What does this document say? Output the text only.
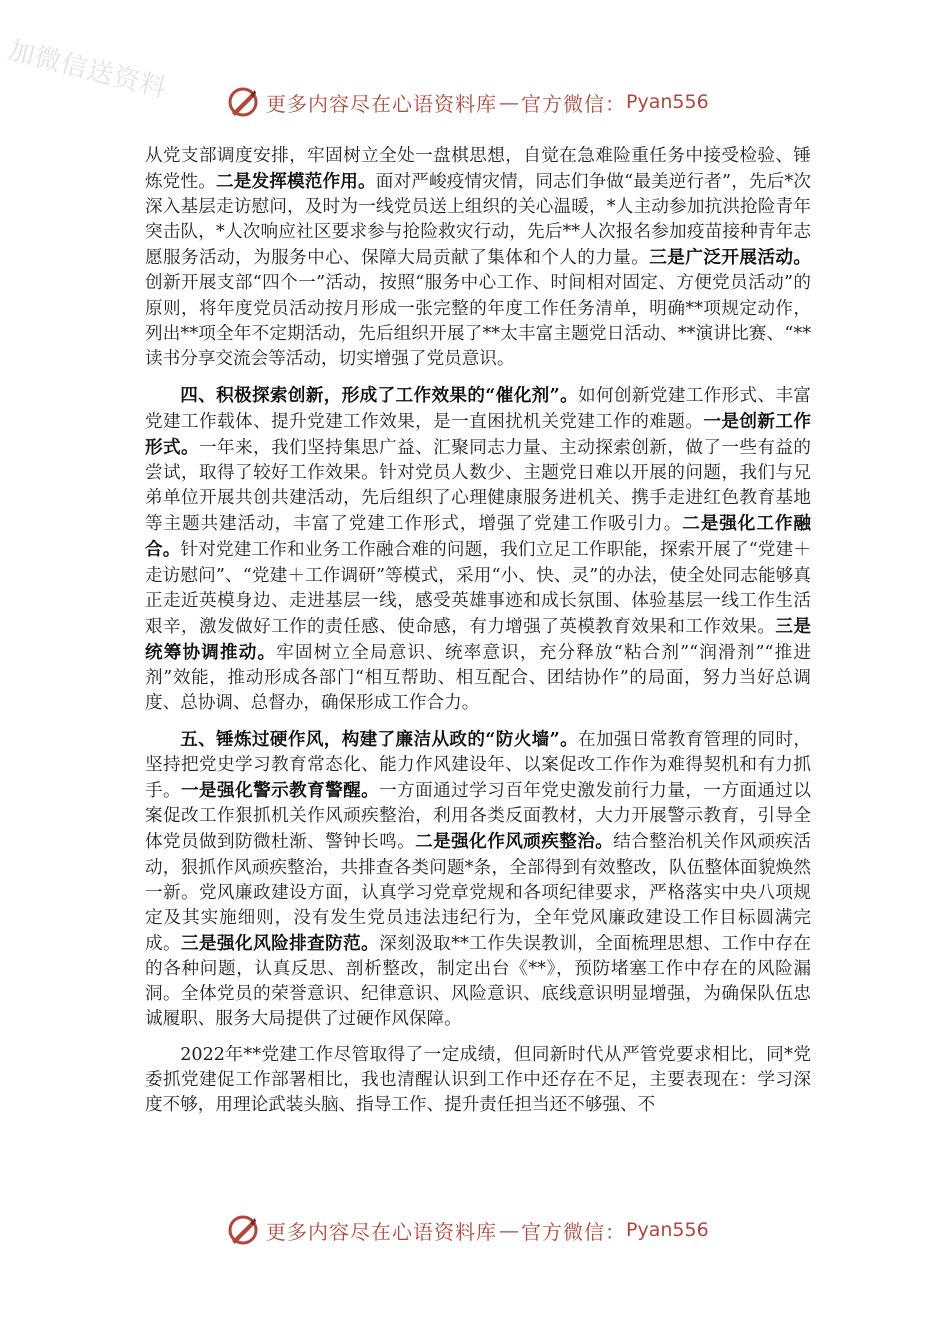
加微信送资料	更多内容尽在心语资料库 — 官方微信： Pyan556

从党支部调度安排，牢固树立全处一盘棋思想，自觉在急难险重任务中接受检验、锤炼党性。二是发挥模范作用。面对严峻疫情灾情，同志们争做“最美逆行者”，先后*次深入基层走访慰问，及时为一线党员送上组织的关心温暖，*人主动参加抗洪抢险青年突击队，*人次响应社区要求参与抢险救灾行动，先后**人次报名参加疫苗接种青年志愿服务活动，为服务中心、保障大局贡献了集体和个人的力量。三是广泛开展活动。创新开展支部“四个一”活动，按照“服务中心工作、时间相对固定、方便党员活动”的原则，将年度党员活动按月形成一张完整的年度工作任务清单，明确**项规定动作，列出**项全年不定期活动，先后组织开展了**太丰富主题党日活动、**演讲比赛、“**读书分享交流会等活动，切实增强了党员意识。

四、积极探索创新，形成了工作效果的“催化剂”。如何创新党建工作形式、丰富党建工作载体、提升党建工作效果，是一直困扰机关党建工作的难题。一是创新工作形式。一年来，我们坚持集思广益、汇聚同志力量、主动探索创新，做了一些有益的尝试，取得了较好工作效果。针对党员人数少、主题党日难以开展的问题，我们与兄弟单位开展共创共建活动，先后组织了心理健康服务进机关、携手走进红色教育基地等主题共建活动，丰富了党建工作形式，增强了党建工作吸引力。二是强化工作融合。针对党建工作和业务工作融合难的问题，我们立足工作职能，探索开展了“党建＋走访慰问”、“党建＋工作调研”等模式，采用“小、快、灵”的办法，使全处同志能够真正走近英模身边、走进基层一线，感受英雄事迹和成长氛围、体验基层一线工作生活艰辛，激发做好工作的责任感、使命感，有力增强了英模教育效果和工作效果。三是统筹协调推动。牢固树立全局意识、统率意识，充分释放“粘合剂”“润滑剂”“推进剂”效能，推动形成各部门“相互帮助、相互配合、团结协作”的局面，努力当好总调度、总协调、总督办，确保形成工作合力。

五、锤炼过硬作风，构建了廉洁从政的“防火墙”。在加强日常教育管理的同时，坚持把党史学习教育常态化、能力作风建设年、以案促改工作作为难得契机和有力抓手。一是强化警示教育警醒。一方面通过学习百年党史激发前行力量，一方面通过以案促改工作狠抓机关作风顽疾整治，利用各类反面教材，大力开展警示教育，引导全体党员做到防微杜渐、警钟长鸣。二是强化作风顽疾整治。结合整治机关作风顽疾活动，狠抓作风顽疾整治，共排查各类问题*条，全部得到有效整改，队伍整体面貌焕然一新。党风廉政建设方面，认真学习党章党规和各项纪律要求，严格落实中央八项规定及其实施细则，没有发生党员违法违纪行为，全年党风廉政建设工作目标圆满完成。三是强化风险排查防范。深刻汲取**工作失误教训，全面梳理思想、工作中存在的各种问题，认真反思、剖析整改，制定出台《**》，预防堵塞工作中存在的风险漏洞。全体党员的荣誉意识、纪律意识、风险意识、底线意识明显增强，为确保队伍忠诚履职、服务大局提供了过硬作风保障。

2022年**党建工作尽管取得了一定成绩，但同新时代从严管党要求相比，同*党委抓党建促工作部署相比，我也清醒认识到工作中还存在不足，主要表现在：学习深度不够，用理论武装头脑、指导工作、提升责任担当还不够强、不

更多内容尽在心语资料库 — 官方微信： Pyan556
